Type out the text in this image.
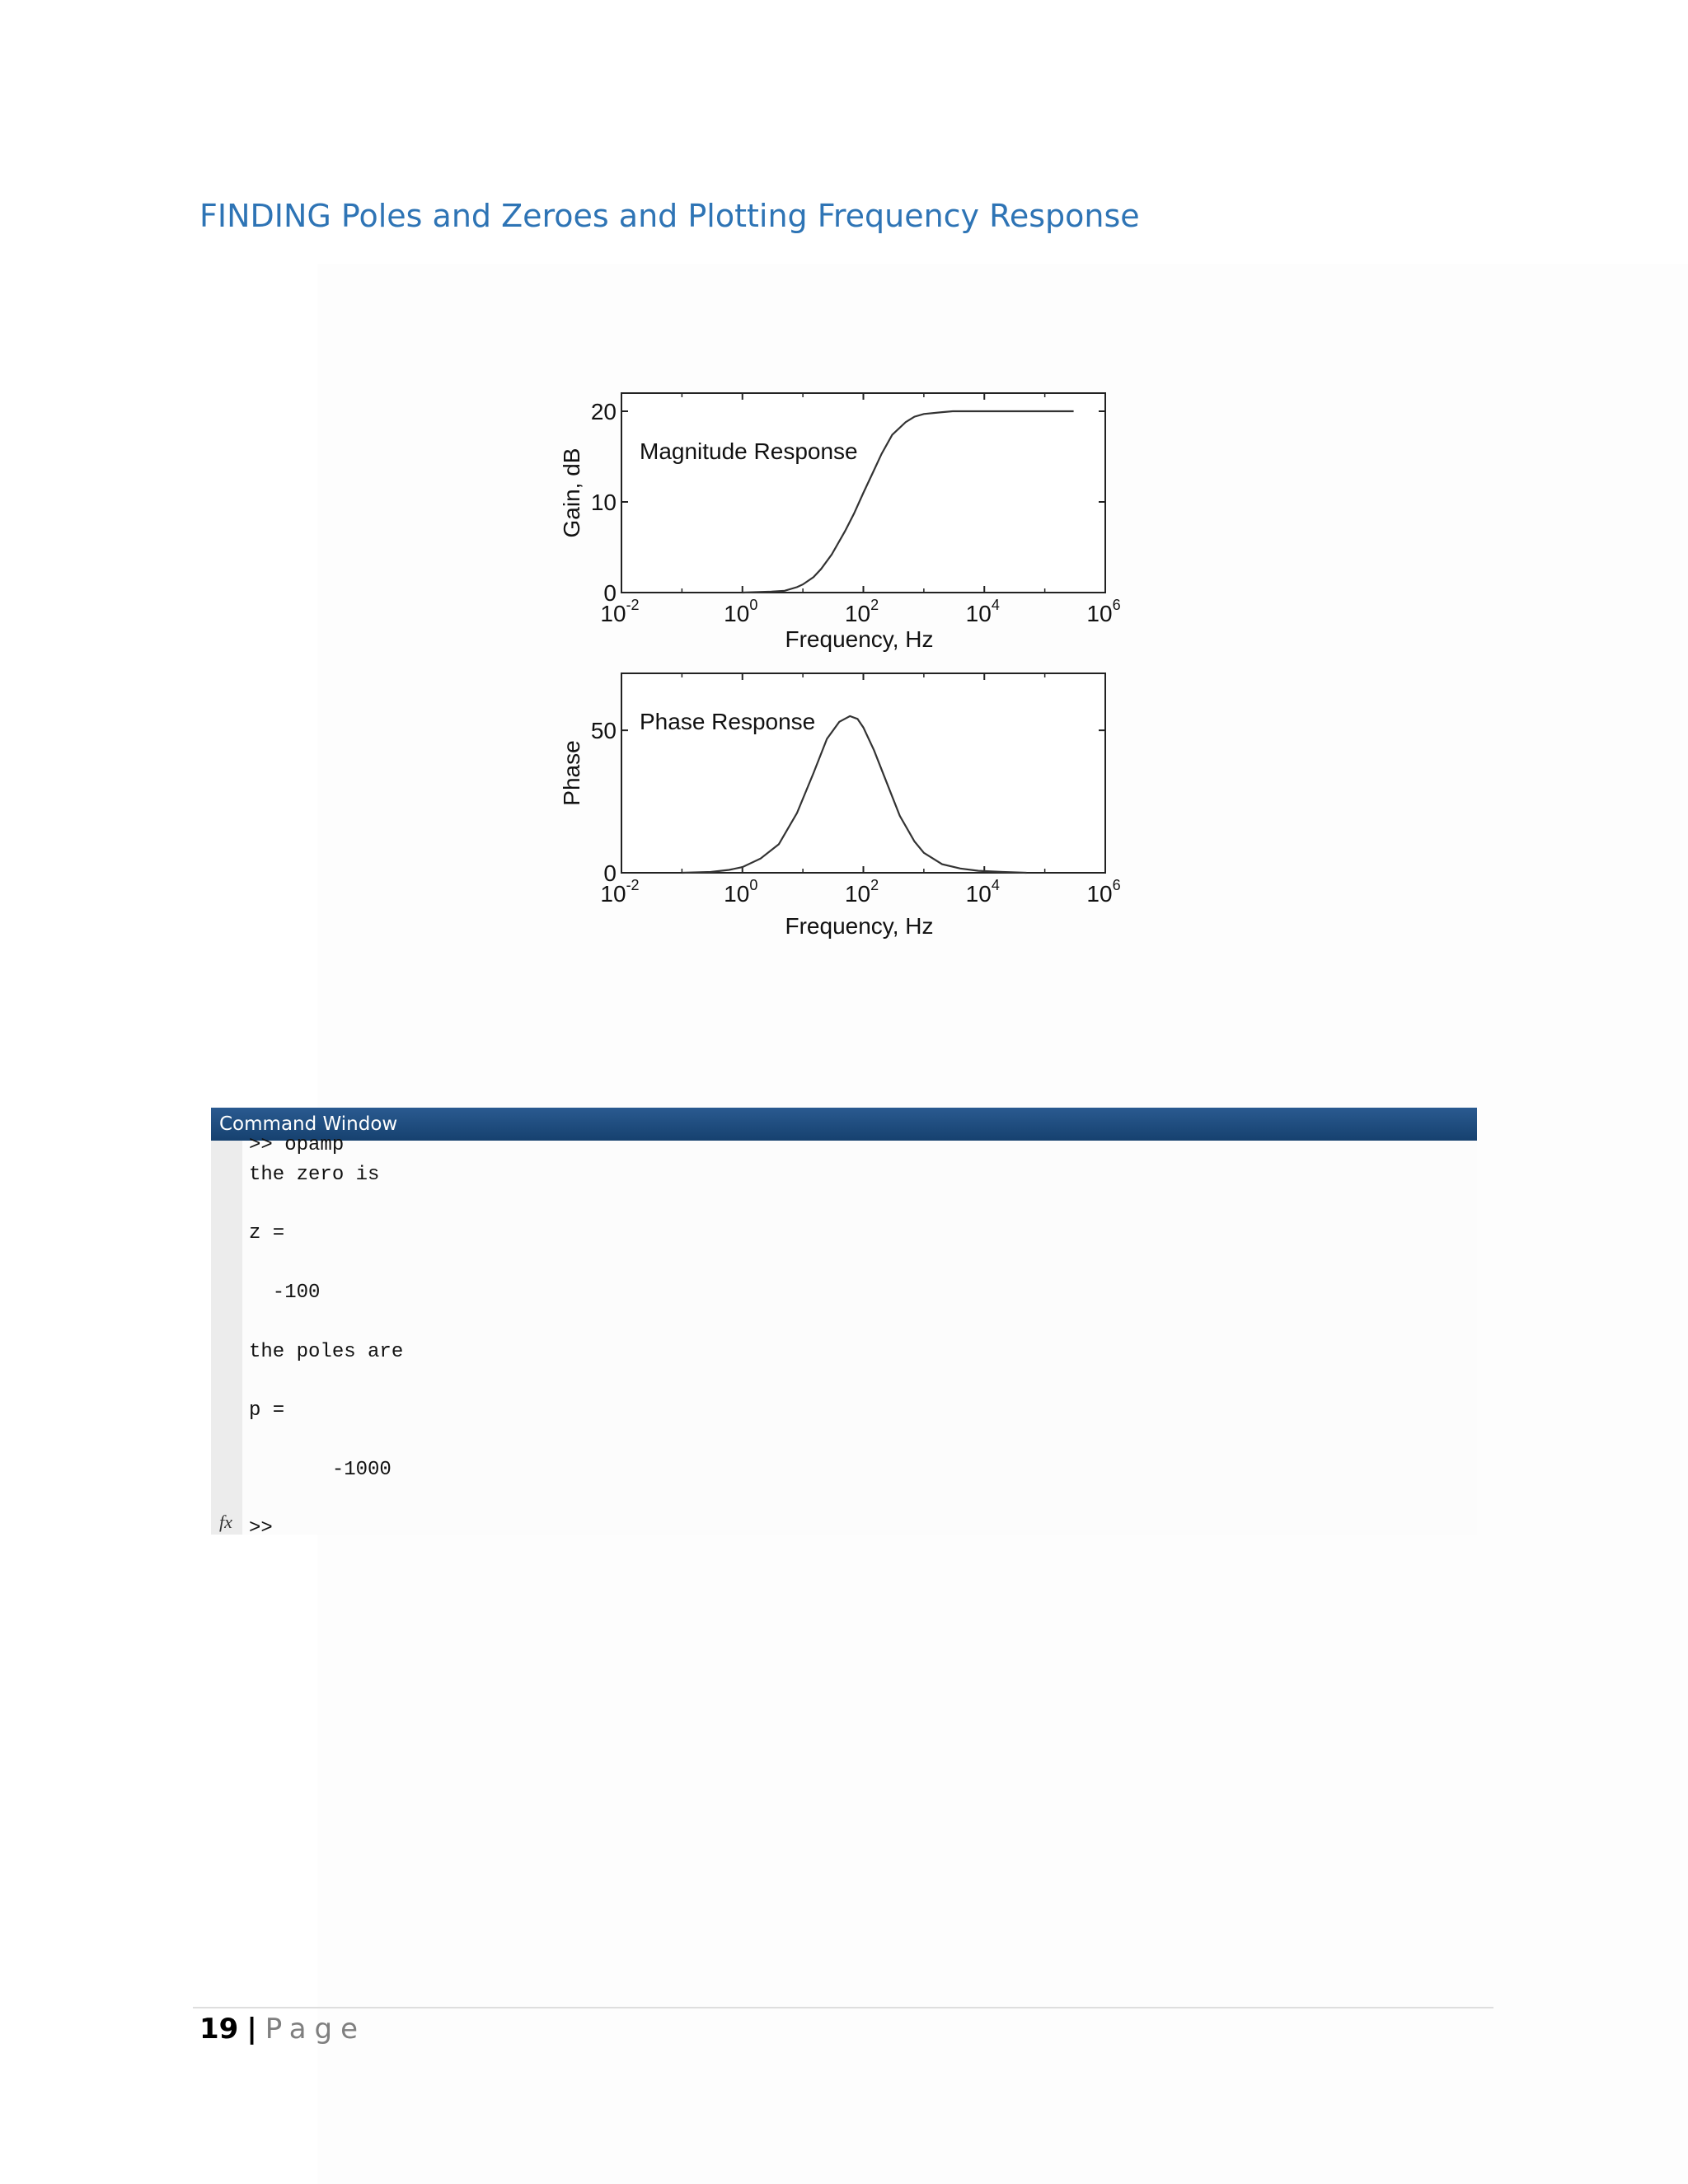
FINDING Poles and Zeroes and Plotting Frequency Response
$10^{-2}$	$10^0$	$10^2$	$10^4$	$10^6$
0
10
20
Magnitude Response
Frequency, Hz
Gain, dB
$10^{-2}$	$10^0$	$10^2$	$10^4$	$10^6$
0
50 Phase Response
Frequency, Hz
Phase
Command Window
>> opamp
the zero is
z =
-100
the poles are
p =
-1000
>>
fx
19 | Page
